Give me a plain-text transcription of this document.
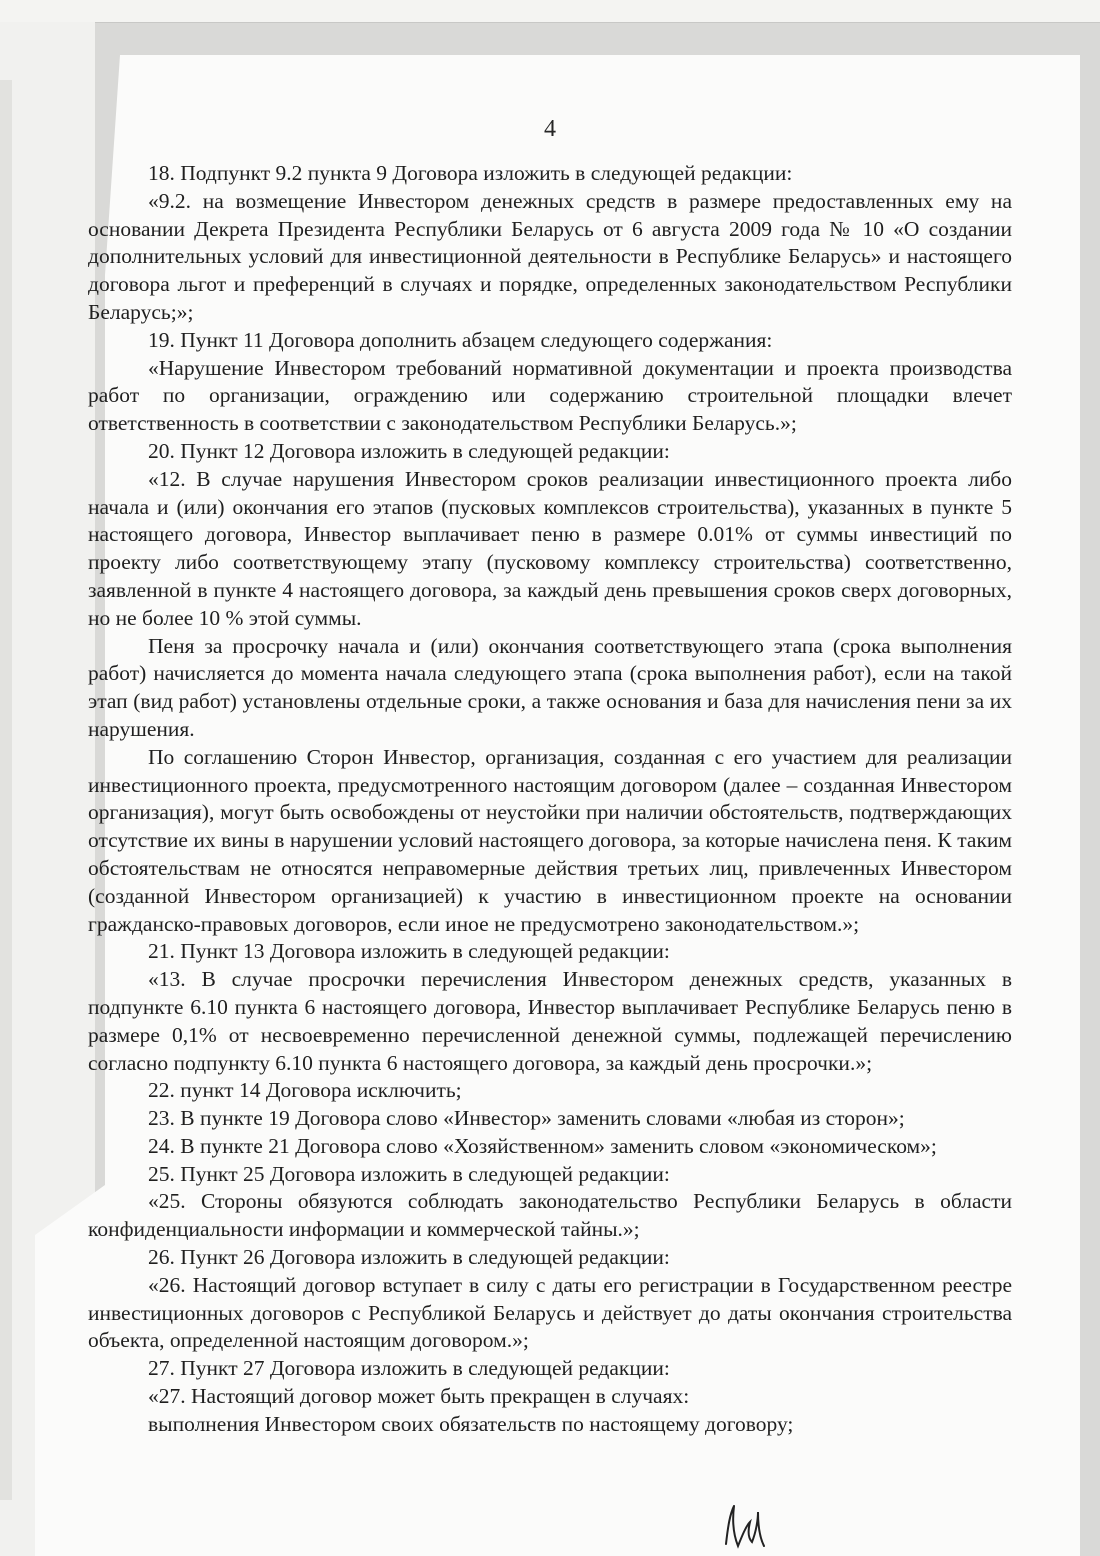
4

18. Подпункт 9.2 пункта 9 Договора изложить в следующей редакции:

«9.2. на возмещение Инвестором денежных средств в размере предоставленных ему на основании Декрета Президента Республики Беларусь от 6 августа 2009 года № 10 «О создании дополнительных условий для инвестиционной деятельности в Республике Беларусь» и настоящего договора льгот и преференций в случаях и порядке, определенных законодательством Республики Беларусь;»;

19. Пункт 11 Договора дополнить абзацем следующего содержания:

«Нарушение Инвестором требований нормативной документации и проекта производства работ по организации, ограждению или содержанию строительной площадки влечет ответственность в соответствии с законодательством Республики Беларусь.»;

20. Пункт 12 Договора изложить в следующей редакции:

«12. В случае нарушения Инвестором сроков реализации инвестиционного проекта либо начала и (или) окончания его этапов (пусковых комплексов строительства), указанных в пункте 5 настоящего договора, Инвестор выплачивает пеню в размере 0.01% от суммы инвестиций по проекту либо соответствующему этапу (пусковому комплексу строительства) соответственно, заявленной в пункте 4 настоящего договора, за каждый день превышения сроков сверх договорных, но не более 10 % этой суммы.

Пеня за просрочку начала и (или) окончания соответствующего этапа (срока выполнения работ) начисляется до момента начала следующего этапа (срока выполнения работ), если на такой этап (вид работ) установлены отдельные сроки, а также основания и база для начисления пени за их нарушения.

По соглашению Сторон Инвестор, организация, созданная с его участием для реализации инвестиционного проекта, предусмотренного настоящим договором (далее – созданная Инвестором организация), могут быть освобождены от неустойки при наличии обстоятельств, подтверждающих отсутствие их вины в нарушении условий настоящего договора, за которые начислена пеня. К таким обстоятельствам не относятся неправомерные действия третьих лиц, привлеченных Инвестором (созданной Инвестором организацией) к участию в инвестиционном проекте на основании гражданско-правовых договоров, если иное не предусмотрено законодательством.»;

21. Пункт 13 Договора изложить в следующей редакции:

«13. В случае просрочки перечисления Инвестором денежных средств, указанных в подпункте 6.10 пункта 6 настоящего договора, Инвестор выплачивает Республике Беларусь пеню в размере 0,1% от несвоевременно перечисленной денежной суммы, подлежащей перечислению согласно подпункту 6.10 пункта 6 настоящего договора, за каждый день просрочки.»;

22. пункт 14 Договора исключить;

23. В пункте 19 Договора слово «Инвестор» заменить словами «любая из сторон»;

24. В пункте 21 Договора слово «Хозяйственном» заменить словом «экономическом»;

25. Пункт 25 Договора изложить в следующей редакции:

«25. Стороны обязуются соблюдать законодательство Республики Беларусь в области конфиденциальности информации и коммерческой тайны.»;

26. Пункт 26 Договора изложить в следующей редакции:

«26. Настоящий договор вступает в силу с даты его регистрации в Государственном реестре инвестиционных договоров с Республикой Беларусь и действует до даты окончания строительства объекта, определенной настоящим договором.»;

27. Пункт 27 Договора изложить в следующей редакции:

«27. Настоящий договор может быть прекращен в случаях:

выполнения Инвестором своих обязательств по настоящему договору;
